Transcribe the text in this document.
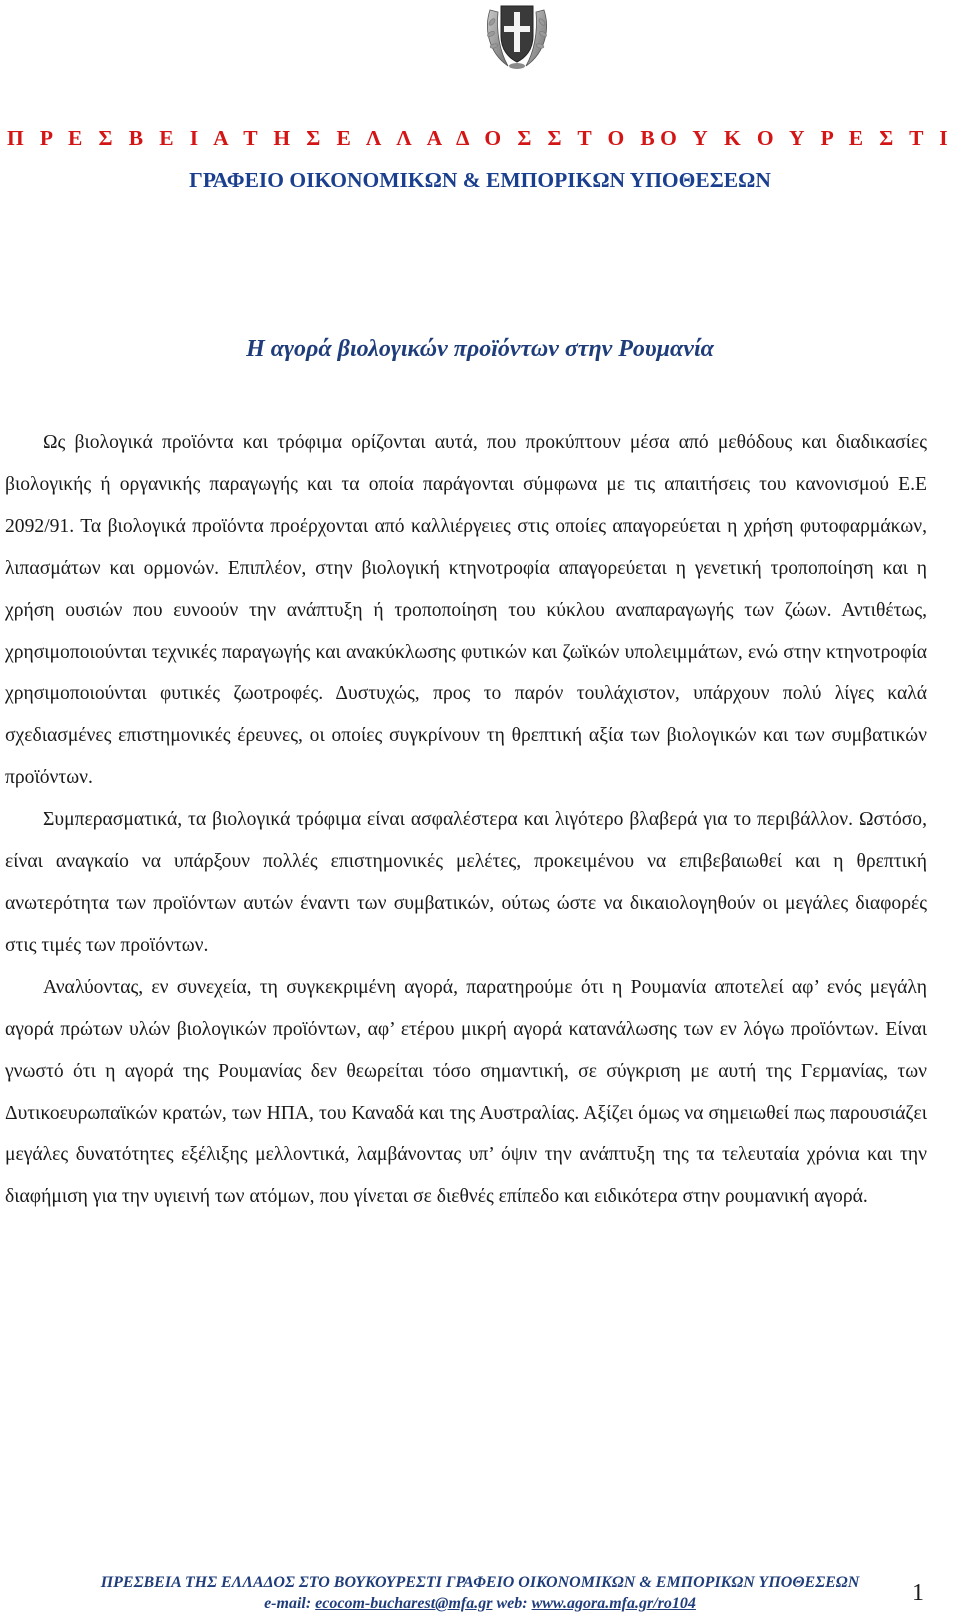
Π Ρ Ε Σ Β Ε Ι Α Τ Η Σ Ε Λ Λ Α Δ Ο Σ Σ Τ Ο ΒΟ Υ Κ Ο Υ Ρ Ε Σ Τ Ι
ΓΡΑΦΕΙΟ ΟΙΚΟΝΟΜΙΚΩΝ & ΕΜΠΟΡΙΚΩΝ ΥΠΟΘΕΣΕΩΝ
Η αγορά βιολογικών προϊόντων στην Ρουμανία

Ως βιολογικά προϊόντα και τρόφιμα ορίζονται αυτά, που προκύπτουν μέσα από μεθόδους και διαδικασίες βιολογικής ή οργανικής παραγωγής και τα οποία παράγονται σύμφωνα με τις απαιτήσεις του κανονισμού Ε.Ε 2092/91. Τα βιολογικά προϊόντα προέρχονται από καλλιέργειες στις οποίες απαγορεύεται η χρήση φυτοφαρμάκων, λιπασμάτων και ορμονών. Επιπλέον, στην βιολογική κτηνοτροφία απαγορεύεται η γενετική τροποποίηση και η χρήση ουσιών που ευνοούν την ανάπτυξη ή τροποποίηση του κύκλου αναπαραγωγής των ζώων. Αντιθέτως, χρησιμοποιούνται τεχνικές παραγωγής και ανακύκλωσης φυτικών και ζωϊκών υπολειμμάτων, ενώ στην κτηνοτροφία χρησιμοποιούνται φυτικές ζωοτροφές. Δυστυχώς, προς το παρόν τουλάχιστον, υπάρχουν πολύ λίγες καλά σχεδιασμένες επιστημονικές έρευνες, οι οποίες συγκρίνουν τη θρεπτική αξία των βιολογικών και των συμβατικών προϊόντων.

Συμπερασματικά, τα βιολογικά τρόφιμα είναι ασφαλέστερα και λιγότερο βλαβερά για το περιβάλλον. Ωστόσο, είναι αναγκαίο να υπάρξουν πολλές επιστημονικές μελέτες, προκειμένου να επιβεβαιωθεί και η θρεπτική ανωτερότητα των προϊόντων αυτών έναντι των συμβατικών, ούτως ώστε να δικαιολογηθούν οι μεγάλες διαφορές στις τιμές των προϊόντων.

Αναλύοντας, εν συνεχεία, τη συγκεκριμένη αγορά, παρατηρούμε ότι η Ρουμανία αποτελεί αφ’ ενός μεγάλη αγορά πρώτων υλών βιολογικών προϊόντων, αφ’ ετέρου μικρή αγορά κατανάλωσης των εν λόγω προϊόντων. Είναι γνωστό ότι η αγορά της Ρουμανίας δεν θεωρείται τόσο σημαντική, σε σύγκριση με αυτή της Γερμανίας, των Δυτικοευρωπαϊκών κρατών, των ΗΠΑ, του Καναδά και της Αυστραλίας. Αξίζει όμως να σημειωθεί πως παρουσιάζει μεγάλες δυνατότητες εξέλιξης μελλοντικά, λαμβάνοντας υπ’ όψιν την ανάπτυξη της τα τελευταία χρόνια και την διαφήμιση για την υγιεινή των ατόμων, που γίνεται σε διεθνές επίπεδο και ειδικότερα στην ρουμανική αγορά.

ΠΡΕΣΒΕΙΑ ΤΗΣ ΕΛΛΑΔΟΣ ΣΤΟ ΒΟΥΚΟΥΡΕΣΤΙ ΓΡΑΦΕΙΟ ΟΙΚΟΝΟΜΙΚΩΝ & ΕΜΠΟΡΙΚΩΝ ΥΠΟΘΕΣΕΩΝ
e-mail: ecocom-bucharest@mfa.gr web: www.agora.mfa.gr/ro104	1
